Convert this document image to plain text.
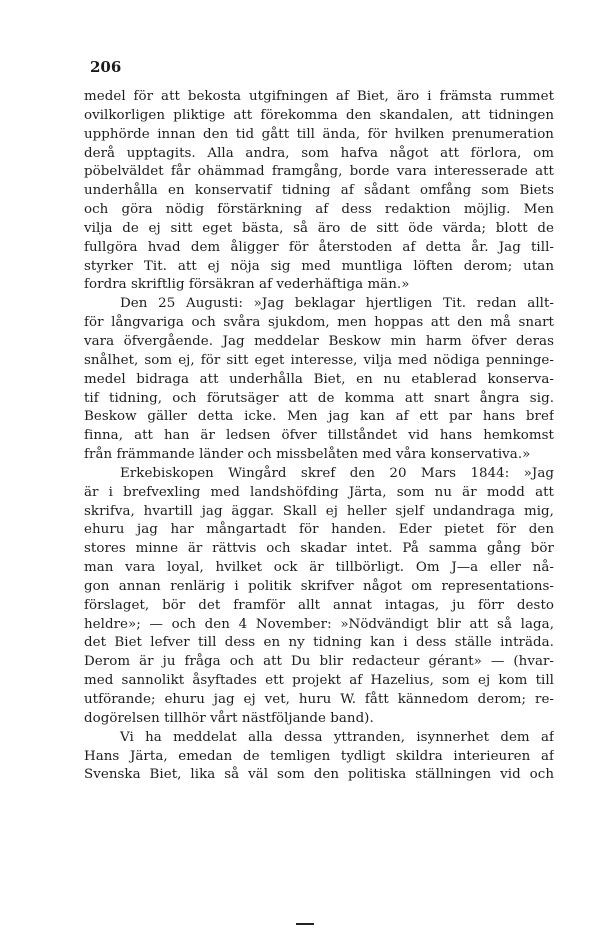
206
medel för att bekosta utgifningen af Biet, äro i främsta rummet
ovilkorligen pliktige att förekomma den skandalen, att tidningen
upphörde innan den tid gått till ända, för hvilken prenumeration
derå upptagits. Alla andra, som hafva något att förlora, om
pöbelväldet får ohämmad framgång, borde vara interesserade att
underhålla en konservatif tidning af sådant omfång som Biets
och göra nödig förstärkning af dess redaktion möjlig. Men
vilja de ej sitt eget bästa, så äro de sitt öde värda; blott de
fullgöra hvad dem åligger för återstoden af detta år. Jag till-
styrker Tit. att ej nöja sig med muntliga löften derom; utan
fordra skriftlig försäkran af vederhäftiga män.»
Den 25 Augusti: »Jag beklagar hjertligen Tit. redan allt-
för långvariga och svåra sjukdom, men hoppas att den må snart
vara öfvergående. Jag meddelar Beskow min harm öfver deras
snålhet, som ej, för sitt eget interesse, vilja med nödiga penninge-
medel bidraga att underhålla Biet, en nu etablerad konserva-
tif tidning, och förutsäger att de komma att snart ångra sig.
Beskow gäller detta icke. Men jag kan af ett par hans bref
finna, att han är ledsen öfver tillståndet vid hans hemkomst
från främmande länder och missbelåten med våra konservativa.»
Erkebiskopen Wingård skref den 20 Mars 1844: »Jag
är i brefvexling med landshöfding Järta, som nu är modd att
skrifva, hvartill jag äggar. Skall ej heller sjelf undandraga mig,
ehuru jag har mångartadt för handen. Eder pietet för den
stores minne är rättvis och skadar intet. På samma gång bör
man vara loyal, hvilket ock är tillbörligt. Om J—a eller nå-
gon annan renlärig i politik skrifver något om representations-
förslaget, bör det framför allt annat intagas, ju förr desto
heldre»; — och den 4 November: »Nödvändigt blir att så laga,
det Biet lefver till dess en ny tidning kan i dess ställe inträda.
Derom är ju fråga och att Du blir redacteur gérant» — (hvar-
med sannolikt åsyftades ett projekt af Hazelius, som ej kom till
utförande; ehuru jag ej vet, huru W. fått kännedom derom; re-
dogörelsen tillhör vårt nästföljande band).
Vi ha meddelat alla dessa yttranden, isynnerhet dem af
Hans Järta, emedan de temligen tydligt skildra interieuren af
Svenska Biet, lika så väl som den politiska ställningen vid och
